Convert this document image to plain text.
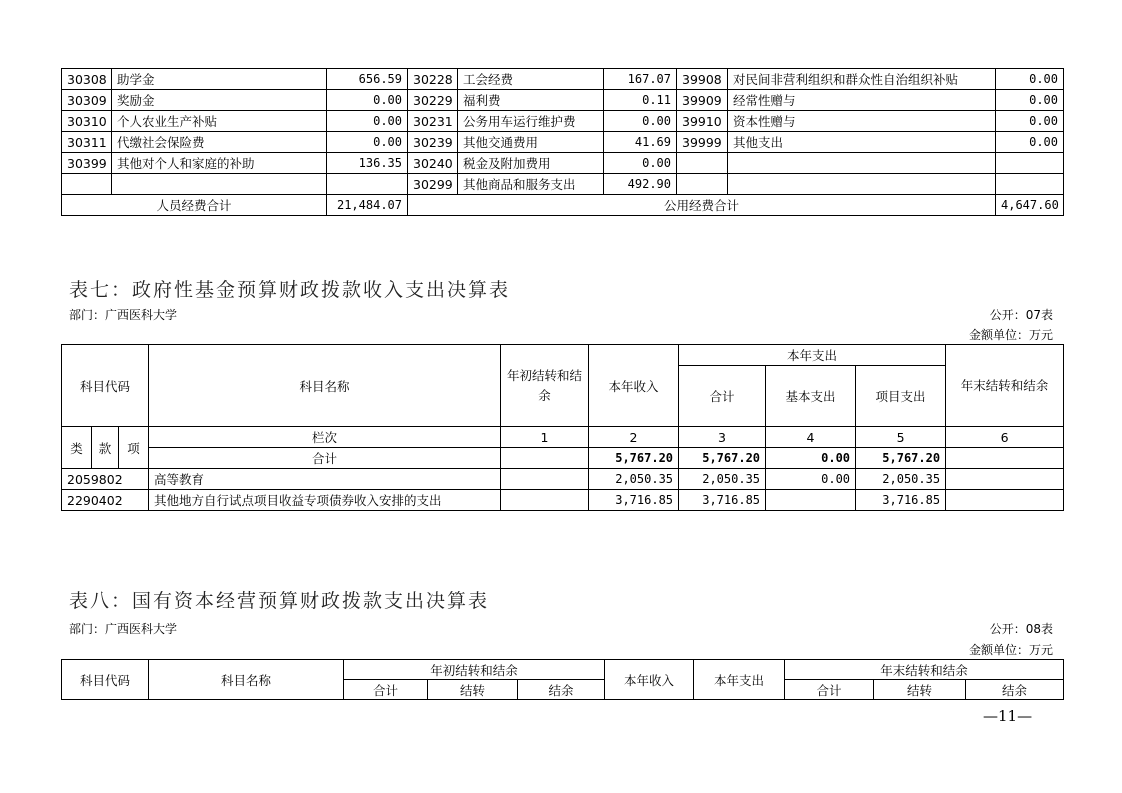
30308	助学金	656.59	30228	工会经费	167.07	39908	对民间非营利组织和群众性自治组织补贴	0.00
30309	奖励金	0.00	30229	福利费	0.11	39909	经常性赠与	0.00
30310	个人农业生产补贴	0.00	30231	公务用车运行维护费	0.00	39910	资本性赠与	0.00
30311	代缴社会保险费	0.00	30239	其他交通费用	41.69	39999	其他支出	0.00
30399	其他对个人和家庭的补助	136.35	30240	税金及附加费用	0.00			
			30299	其他商品和服务支出	492.90			
人员经费合计		21,484.07	公用经费合计					4,647.60
表七：政府性基金预算财政拨款收入支出决算表
部门：广西医科大学	公开：07表
金额单位：万元
科目代码			科目名称	年初结转和结余	本年收入	本年支出			年末结转和结余
						合计	基本支出	项目支出	

类	款	项	栏次	1	2	3	4	5	6
			合计		5,767.20	5,767.20	0.00	5,767.20	
2059802			高等教育		2,050.35	2,050.35	0.00	2,050.35	
2290402			其他地方自行试点项目收益专项债券收入安排的支出		3,716.85	3,716.85		3,716.85	
表八：国有资本经营预算财政拨款支出决算表
部门：广西医科大学	公开：08表
金额单位：万元
科目代码	科目名称	年初结转和结余			本年收入	本年支出	年末结转和结余		
		合计	结转	结余			合计	结转	结余
—11—
